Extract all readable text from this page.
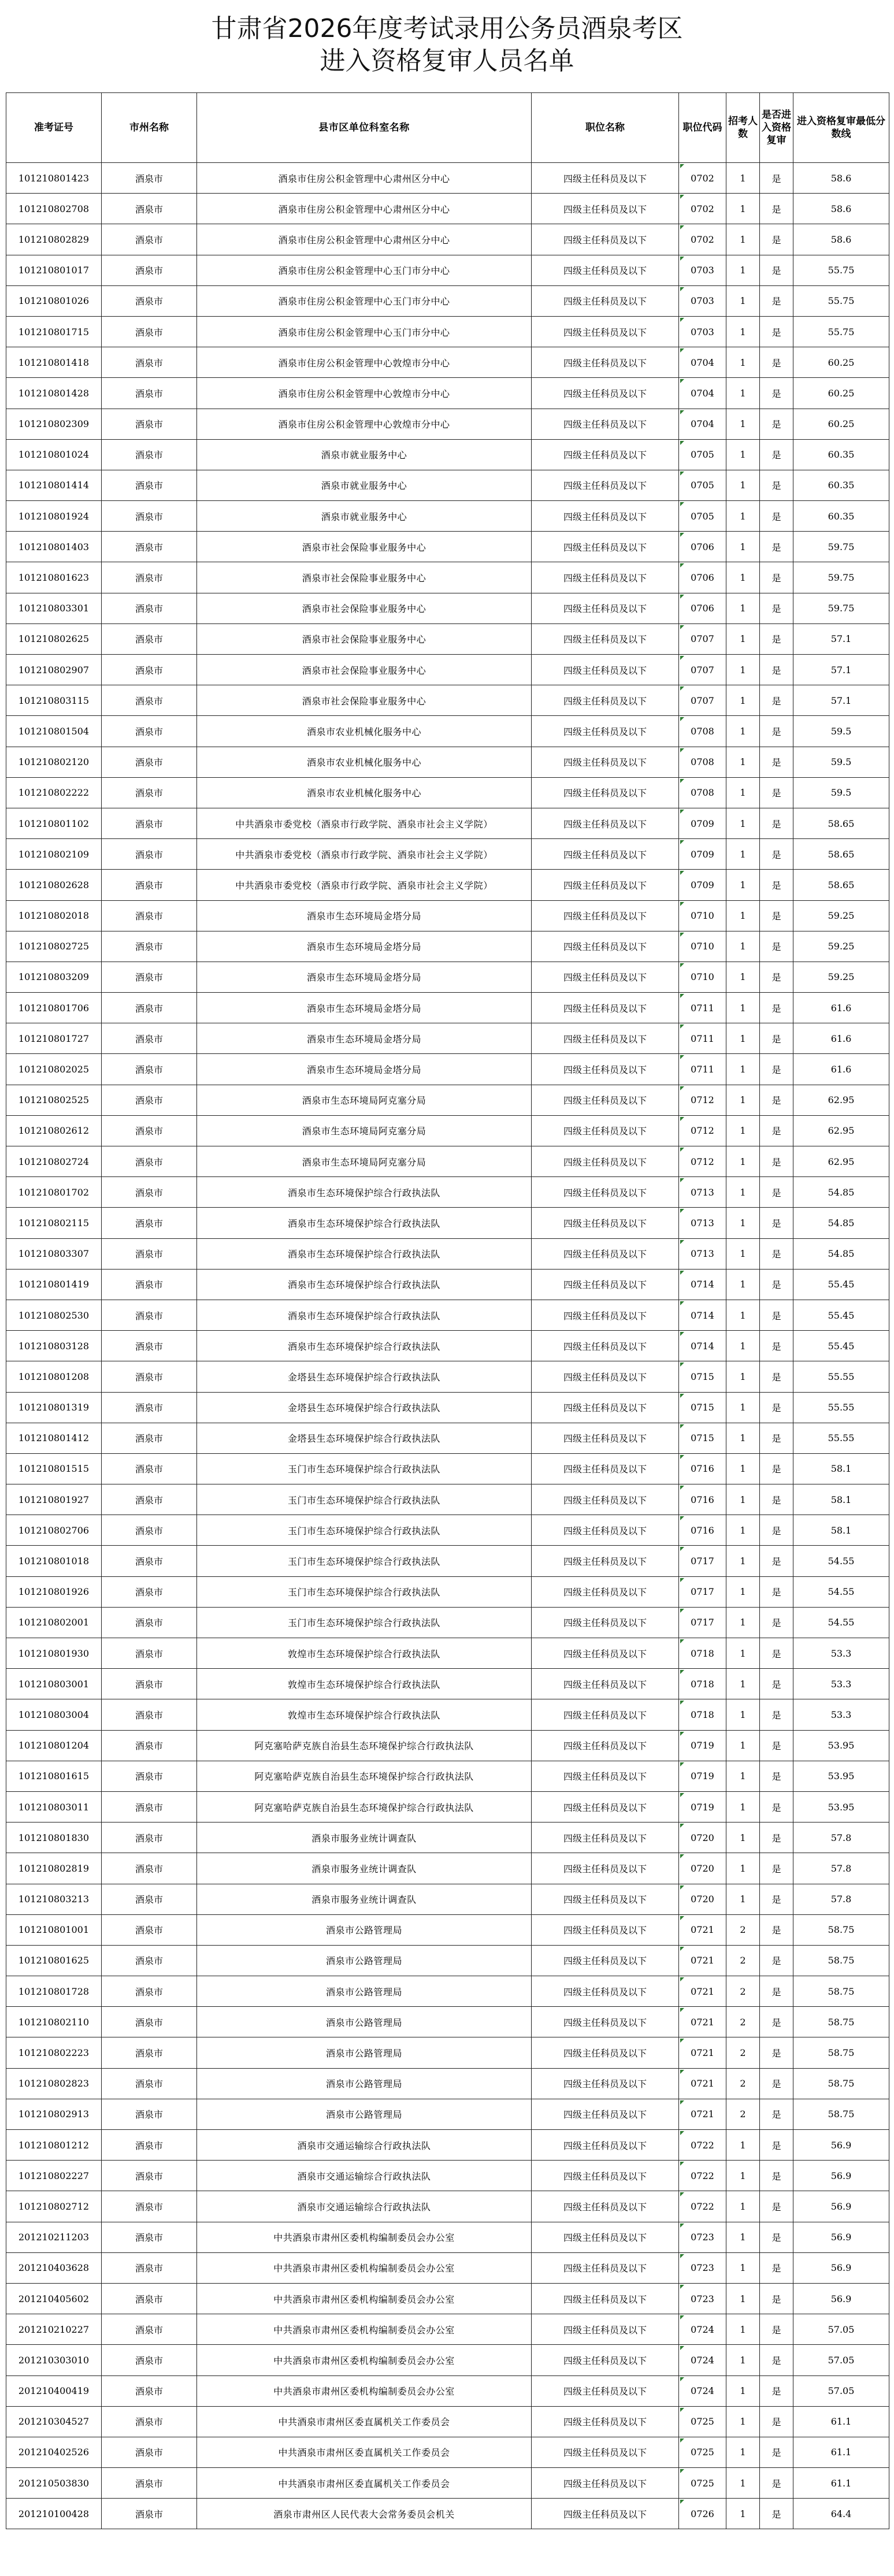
甘肃省2026年度考试录用公务员酒泉考区
进入资格复审人员名单
准考证号	市州名称	县市区单位科室名称	职位名称	职位代码	招考人数	是否进入资格复审	进入资格复审最低分数线
101210801423	酒泉市	酒泉市住房公积金管理中心肃州区分中心	四级主任科员及以下	0702	1	是	58.6
101210802708	酒泉市	酒泉市住房公积金管理中心肃州区分中心	四级主任科员及以下	0702	1	是	58.6
101210802829	酒泉市	酒泉市住房公积金管理中心肃州区分中心	四级主任科员及以下	0702	1	是	58.6
101210801017	酒泉市	酒泉市住房公积金管理中心玉门市分中心	四级主任科员及以下	0703	1	是	55.75
101210801026	酒泉市	酒泉市住房公积金管理中心玉门市分中心	四级主任科员及以下	0703	1	是	55.75
101210801715	酒泉市	酒泉市住房公积金管理中心玉门市分中心	四级主任科员及以下	0703	1	是	55.75
101210801418	酒泉市	酒泉市住房公积金管理中心敦煌市分中心	四级主任科员及以下	0704	1	是	60.25
101210801428	酒泉市	酒泉市住房公积金管理中心敦煌市分中心	四级主任科员及以下	0704	1	是	60.25
101210802309	酒泉市	酒泉市住房公积金管理中心敦煌市分中心	四级主任科员及以下	0704	1	是	60.25
101210801024	酒泉市	酒泉市就业服务中心	四级主任科员及以下	0705	1	是	60.35
101210801414	酒泉市	酒泉市就业服务中心	四级主任科员及以下	0705	1	是	60.35
101210801924	酒泉市	酒泉市就业服务中心	四级主任科员及以下	0705	1	是	60.35
101210801403	酒泉市	酒泉市社会保险事业服务中心	四级主任科员及以下	0706	1	是	59.75
101210801623	酒泉市	酒泉市社会保险事业服务中心	四级主任科员及以下	0706	1	是	59.75
101210803301	酒泉市	酒泉市社会保险事业服务中心	四级主任科员及以下	0706	1	是	59.75
101210802625	酒泉市	酒泉市社会保险事业服务中心	四级主任科员及以下	0707	1	是	57.1
101210802907	酒泉市	酒泉市社会保险事业服务中心	四级主任科员及以下	0707	1	是	57.1
101210803115	酒泉市	酒泉市社会保险事业服务中心	四级主任科员及以下	0707	1	是	57.1
101210801504	酒泉市	酒泉市农业机械化服务中心	四级主任科员及以下	0708	1	是	59.5
101210802120	酒泉市	酒泉市农业机械化服务中心	四级主任科员及以下	0708	1	是	59.5
101210802222	酒泉市	酒泉市农业机械化服务中心	四级主任科员及以下	0708	1	是	59.5
101210801102	酒泉市	中共酒泉市委党校（酒泉市行政学院、酒泉市社会主义学院）	四级主任科员及以下	0709	1	是	58.65
101210802109	酒泉市	中共酒泉市委党校（酒泉市行政学院、酒泉市社会主义学院）	四级主任科员及以下	0709	1	是	58.65
101210802628	酒泉市	中共酒泉市委党校（酒泉市行政学院、酒泉市社会主义学院）	四级主任科员及以下	0709	1	是	58.65
101210802018	酒泉市	酒泉市生态环境局金塔分局	四级主任科员及以下	0710	1	是	59.25
101210802725	酒泉市	酒泉市生态环境局金塔分局	四级主任科员及以下	0710	1	是	59.25
101210803209	酒泉市	酒泉市生态环境局金塔分局	四级主任科员及以下	0710	1	是	59.25
101210801706	酒泉市	酒泉市生态环境局金塔分局	四级主任科员及以下	0711	1	是	61.6
101210801727	酒泉市	酒泉市生态环境局金塔分局	四级主任科员及以下	0711	1	是	61.6
101210802025	酒泉市	酒泉市生态环境局金塔分局	四级主任科员及以下	0711	1	是	61.6
101210802525	酒泉市	酒泉市生态环境局阿克塞分局	四级主任科员及以下	0712	1	是	62.95
101210802612	酒泉市	酒泉市生态环境局阿克塞分局	四级主任科员及以下	0712	1	是	62.95
101210802724	酒泉市	酒泉市生态环境局阿克塞分局	四级主任科员及以下	0712	1	是	62.95
101210801702	酒泉市	酒泉市生态环境保护综合行政执法队	四级主任科员及以下	0713	1	是	54.85
101210802115	酒泉市	酒泉市生态环境保护综合行政执法队	四级主任科员及以下	0713	1	是	54.85
101210803307	酒泉市	酒泉市生态环境保护综合行政执法队	四级主任科员及以下	0713	1	是	54.85
101210801419	酒泉市	酒泉市生态环境保护综合行政执法队	四级主任科员及以下	0714	1	是	55.45
101210802530	酒泉市	酒泉市生态环境保护综合行政执法队	四级主任科员及以下	0714	1	是	55.45
101210803128	酒泉市	酒泉市生态环境保护综合行政执法队	四级主任科员及以下	0714	1	是	55.45
101210801208	酒泉市	金塔县生态环境保护综合行政执法队	四级主任科员及以下	0715	1	是	55.55
101210801319	酒泉市	金塔县生态环境保护综合行政执法队	四级主任科员及以下	0715	1	是	55.55
101210801412	酒泉市	金塔县生态环境保护综合行政执法队	四级主任科员及以下	0715	1	是	55.55
101210801515	酒泉市	玉门市生态环境保护综合行政执法队	四级主任科员及以下	0716	1	是	58.1
101210801927	酒泉市	玉门市生态环境保护综合行政执法队	四级主任科员及以下	0716	1	是	58.1
101210802706	酒泉市	玉门市生态环境保护综合行政执法队	四级主任科员及以下	0716	1	是	58.1
101210801018	酒泉市	玉门市生态环境保护综合行政执法队	四级主任科员及以下	0717	1	是	54.55
101210801926	酒泉市	玉门市生态环境保护综合行政执法队	四级主任科员及以下	0717	1	是	54.55
101210802001	酒泉市	玉门市生态环境保护综合行政执法队	四级主任科员及以下	0717	1	是	54.55
101210801930	酒泉市	敦煌市生态环境保护综合行政执法队	四级主任科员及以下	0718	1	是	53.3
101210803001	酒泉市	敦煌市生态环境保护综合行政执法队	四级主任科员及以下	0718	1	是	53.3
101210803004	酒泉市	敦煌市生态环境保护综合行政执法队	四级主任科员及以下	0718	1	是	53.3
101210801204	酒泉市	阿克塞哈萨克族自治县生态环境保护综合行政执法队	四级主任科员及以下	0719	1	是	53.95
101210801615	酒泉市	阿克塞哈萨克族自治县生态环境保护综合行政执法队	四级主任科员及以下	0719	1	是	53.95
101210803011	酒泉市	阿克塞哈萨克族自治县生态环境保护综合行政执法队	四级主任科员及以下	0719	1	是	53.95
101210801830	酒泉市	酒泉市服务业统计调查队	四级主任科员及以下	0720	1	是	57.8
101210802819	酒泉市	酒泉市服务业统计调查队	四级主任科员及以下	0720	1	是	57.8
101210803213	酒泉市	酒泉市服务业统计调查队	四级主任科员及以下	0720	1	是	57.8
101210801001	酒泉市	酒泉市公路管理局	四级主任科员及以下	0721	2	是	58.75
101210801625	酒泉市	酒泉市公路管理局	四级主任科员及以下	0721	2	是	58.75
101210801728	酒泉市	酒泉市公路管理局	四级主任科员及以下	0721	2	是	58.75
101210802110	酒泉市	酒泉市公路管理局	四级主任科员及以下	0721	2	是	58.75
101210802223	酒泉市	酒泉市公路管理局	四级主任科员及以下	0721	2	是	58.75
101210802823	酒泉市	酒泉市公路管理局	四级主任科员及以下	0721	2	是	58.75
101210802913	酒泉市	酒泉市公路管理局	四级主任科员及以下	0721	2	是	58.75
101210801212	酒泉市	酒泉市交通运输综合行政执法队	四级主任科员及以下	0722	1	是	56.9
101210802227	酒泉市	酒泉市交通运输综合行政执法队	四级主任科员及以下	0722	1	是	56.9
101210802712	酒泉市	酒泉市交通运输综合行政执法队	四级主任科员及以下	0722	1	是	56.9
201210211203	酒泉市	中共酒泉市肃州区委机构编制委员会办公室	四级主任科员及以下	0723	1	是	56.9
201210403628	酒泉市	中共酒泉市肃州区委机构编制委员会办公室	四级主任科员及以下	0723	1	是	56.9
201210405602	酒泉市	中共酒泉市肃州区委机构编制委员会办公室	四级主任科员及以下	0723	1	是	56.9
201210210227	酒泉市	中共酒泉市肃州区委机构编制委员会办公室	四级主任科员及以下	0724	1	是	57.05
201210303010	酒泉市	中共酒泉市肃州区委机构编制委员会办公室	四级主任科员及以下	0724	1	是	57.05
201210400419	酒泉市	中共酒泉市肃州区委机构编制委员会办公室	四级主任科员及以下	0724	1	是	57.05
201210304527	酒泉市	中共酒泉市肃州区委直属机关工作委员会	四级主任科员及以下	0725	1	是	61.1
201210402526	酒泉市	中共酒泉市肃州区委直属机关工作委员会	四级主任科员及以下	0725	1	是	61.1
201210503830	酒泉市	中共酒泉市肃州区委直属机关工作委员会	四级主任科员及以下	0725	1	是	61.1
201210100428	酒泉市	酒泉市肃州区人民代表大会常务委员会机关	四级主任科员及以下	0726	1	是	64.4
